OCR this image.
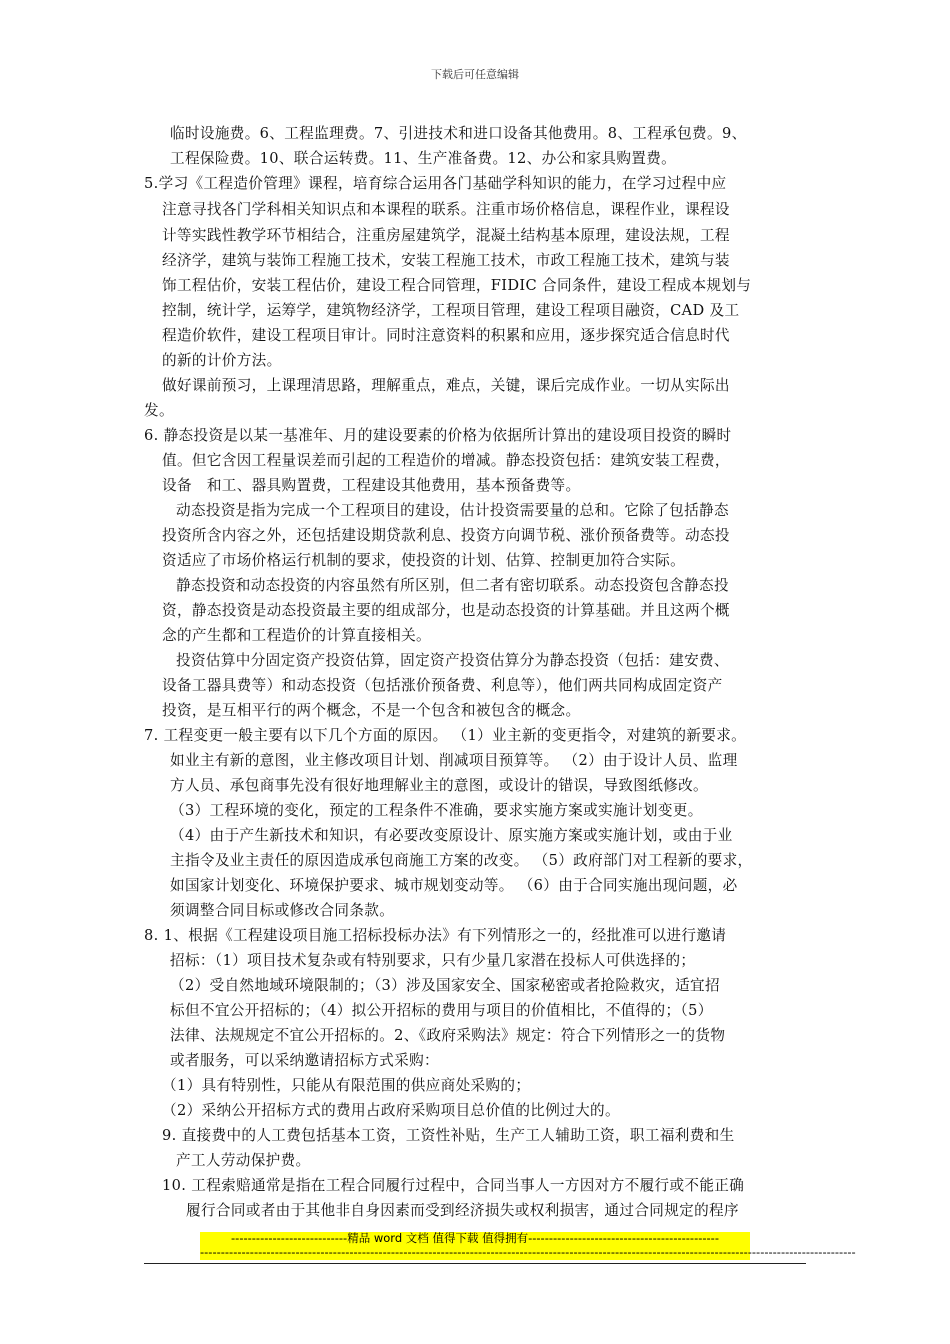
下载后可任意编辑
临时设施费。6、工程监理费。7、引进技术和进口设备其他费用。8、工程承包费。9、
工程保险费。10、联合运转费。11、生产准备费。12、办公和家具购置费。
5.学习《工程造价管理》课程，培育综合运用各门基础学科知识的能力，在学习过程中应
注意寻找各门学科相关知识点和本课程的联系。注重市场价格信息，课程作业，课程设
计等实践性教学环节相结合，注重房屋建筑学，混凝土结构基本原理，建设法规，工程
经济学，建筑与装饰工程施工技术，安装工程施工技术，市政工程施工技术，建筑与装
饰工程估价，安装工程估价，建设工程合同管理，FIDIC 合同条件，建设工程成本规划与
控制，统计学，运筹学，建筑物经济学，工程项目管理，建设工程项目融资，CAD 及工
程造价软件，建设工程项目审计。同时注意资料的积累和应用，逐步探究适合信息时代
的新的计价方法。
做好课前预习，上课理清思路，理解重点，难点，关键，课后完成作业。一切从实际出
发。
6. 静态投资是以某一基准年、月的建设要素的价格为依据所计算出的建设项目投资的瞬时
值。但它含因工程量误差而引起的工程造价的增减。静态投资包括：建筑安装工程费，
设备　和工、器具购置费，工程建设其他费用，基本预备费等。
动态投资是指为完成一个工程项目的建设，估计投资需要量的总和。它除了包括静态
投资所含内容之外，还包括建设期贷款利息、投资方向调节税、涨价预备费等。动态投
资适应了市场价格运行机制的要求，使投资的计划、估算、控制更加符合实际。
静态投资和动态投资的内容虽然有所区别，但二者有密切联系。动态投资包含静态投
资，静态投资是动态投资最主要的组成部分，也是动态投资的计算基础。并且这两个概
念的产生都和工程造价的计算直接相关。
投资估算中分固定资产投资估算，固定资产投资估算分为静态投资（包括：建安费、
设备工器具费等）和动态投资（包括涨价预备费、利息等），他们两共同构成固定资产
投资，是互相平行的两个概念，不是一个包含和被包含的概念。
7. 工程变更一般主要有以下几个方面的原因。 （1）业主新的变更指令，对建筑的新要求。
如业主有新的意图，业主修改项目计划、削减项目预算等。 （2）由于设计人员、监理
方人员、承包商事先没有很好地理解业主的意图，或设计的错误，导致图纸修改。
（3）工程环境的变化，预定的工程条件不准确，要求实施方案或实施计划变更。
（4）由于产生新技术和知识，有必要改变原设计、原实施方案或实施计划，或由于业
主指令及业主责任的原因造成承包商施工方案的改变。 （5）政府部门对工程新的要求，
如国家计划变化、环境保护要求、城市规划变动等。 （6）由于合同实施出现问题，必
须调整合同目标或修改合同条款。
8. 1、根据《工程建设项目施工招标投标办法》有下列情形之一的，经批准可以进行邀请
招标：（1）项目技术复杂或有特别要求，只有少量几家潜在投标人可供选择的；
（2）受自然地域环境限制的；（3）涉及国家安全、国家秘密或者抢险救灾，适宜招
标但不宜公开招标的；（4）拟公开招标的费用与项目的价值相比，不值得的；（5）
法律、法规规定不宜公开招标的。2、《政府采购法》规定：符合下列情形之一的货物
或者服务，可以采纳邀请招标方式采购：
（1）具有特别性，只能从有限范围的供应商处采购的；
（2）采纳公开招标方式的费用占政府采购项目总价值的比例过大的。
9. 直接费中的人工费包括基本工资，工资性补贴，生产工人辅助工资，职工福利费和生
产工人劳动保护费。
10. 工程索赔通常是指在工程合同履行过程中，合同当事人一方因对方不履行或不能正确
履行合同或者由于其他非自身因素而受到经济损失或权利损害，通过合同规定的程序
----------------------------精品 word 文档 值得下载 值得拥有----------------------------------------------
--------------------------------------------------------------------------------------------------------------------------------------------------------------
